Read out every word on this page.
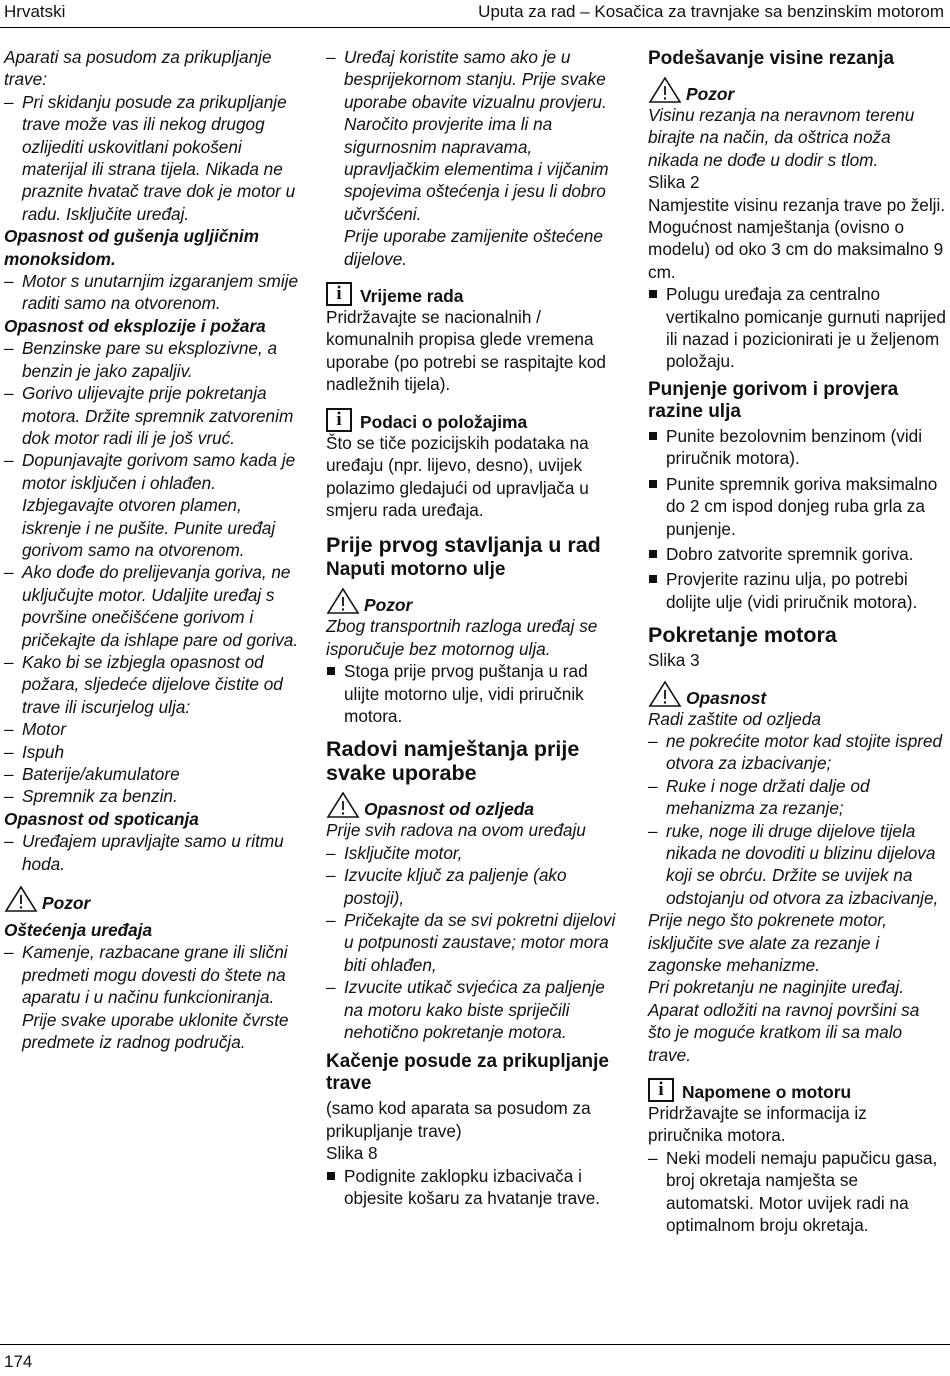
Hrvatski	Uputa za rad – Kosačica za travnjake sa benzinskim motorom

Aparati sa posudom za prikupljanje trave:

– Pri skidanju posude za prikupljanje trave može vas ili nekog drugog ozlijediti uskovitlani pokošeni materijal ili strana tijela. Nikada ne praznite hvatač trave dok je motor u radu. Isključite uređaj.

Opasnost od gušenja ugljičnim monoksidom.

– Motor s unutarnjim izgaranjem smije raditi samo na otvorenom.

Opasnost od eksplozije i požara

– Benzinske pare su eksplozivne, a benzin je jako zapaljiv.

– Gorivo ulijevajte prije pokretanja motora. Držite spremnik zatvorenim dok motor radi ili je još vruć.

– Dopunjavajte gorivom samo kada je motor isključen i ohlađen. Izbjegavajte otvoren plamen, iskrenje i ne pušite. Punite uređaj gorivom samo na otvorenom.

– Ako dođe do prelijevanja goriva, ne uključujte motor. Udaljite uređaj s površine onečišćene gorivom i pričekajte da ishlape pare od goriva.

– Kako bi se izbjegla opasnost od požara, sljedeće dijelove čistite od trave ili iscurjelog ulja:

– Motor

– Ispuh

– Baterije/akumulatore

– Spremnik za benzin.

Opasnost od spoticanja

– Uređajem upravljajte samo u ritmu hoda.

Pozor

Oštećenja uređaja

– Kamenje, razbacane grane ili slični predmeti mogu dovesti do štete na aparatu i u načinu funkcioniranja. Prije svake uporabe uklonite čvrste predmete iz radnog područja.

– Uređaj koristite samo ako je u besprijekornom stanju. Prije svake uporabe obavite vizualnu provjeru. Naročito provjerite ima li na sigurnosnim napravama, upravljačkim elementima i vijčanim spojevima oštećenja i jesu li dobro učvršćeni.

Prije uporabe zamijenite oštećene dijelove.

i Vrijeme rada

Pridržavajte se nacionalnih / komunalnih propisa glede vremena uporabe (po potrebi se raspitajte kod nadležnih tijela).

i Podaci o položajima

Što se tiče pozicijskih podataka na uređaju (npr. lijevo, desno), uvijek polazimo gledajući od upravljača u smjeru rada uređaja.

Prije prvog stavljanja u rad

Naputi motorno ulje

Pozor

Zbog transportnih razloga uređaj se isporučuje bez motornog ulja.

Stoga prije prvog puštanja u rad ulijte motorno ulje, vidi priručnik motora.

Radovi namještanja prije svake uporabe

Opasnost od ozljeda

Prije svih radova na ovom uređaju

– Isključite motor,

– Izvucite ključ za paljenje (ako postoji),

– Pričekajte da se svi pokretni dijelovi u potpunosti zaustave; motor mora biti ohlađen,

– Izvucite utikač svjećica za paljenje na motoru kako biste spriječili nehotično pokretanje motora.

Kačenje posude za prikupljanje trave

(samo kod aparata sa posudom za prikupljanje trave)

Slika 8

Podignite zaklopku izbacivača i objesite košaru za hvatanje trave.

Podešavanje visine rezanja

Pozor

Visinu rezanja na neravnom terenu birajte na način, da oštrica noža nikada ne dođe u dodir s tlom.

Slika 2

Namjestite visinu rezanja trave po želji.

Mogućnost namještanja (ovisno o modelu) od oko 3 cm do maksimalno 9 cm.

Polugu uređaja za centralno vertikalno pomicanje gurnuti naprijed ili nazad i pozicionirati je u željenom položaju.

Punjenje gorivom i provjera razine ulja

Punite bezolovnim benzinom (vidi priručnik motora).

Punite spremnik goriva maksimalno do 2 cm ispod donjeg ruba grla za punjenje.

Dobro zatvorite spremnik goriva.

Provjerite razinu ulja, po potrebi dolijte ulje (vidi priručnik motora).

Pokretanje motora

Slika 3

Opasnost

Radi zaštite od ozljeda

– ne pokrećite motor kad stojite ispred otvora za izbacivanje;

– Ruke i noge držati dalje od mehanizma za rezanje;

– ruke, noge ili druge dijelove tijela nikada ne dovoditi u blizinu dijelova koji se obrću. Držite se uvijek na odstojanju od otvora za izbacivanje,

Prije nego što pokrenete motor, isključite sve alate za rezanje i zagonske mehanizme.

Pri pokretanju ne naginjite uređaj. Aparat odložiti na ravnoj površini sa što je moguće kratkom ili sa malo trave.

i Napomene o motoru

Pridržavajte se informacija iz priručnika motora.

– Neki modeli nemaju papučicu gasa, broj okretaja namješta se automatski. Motor uvijek radi na optimalnom broju okretaja.

174
